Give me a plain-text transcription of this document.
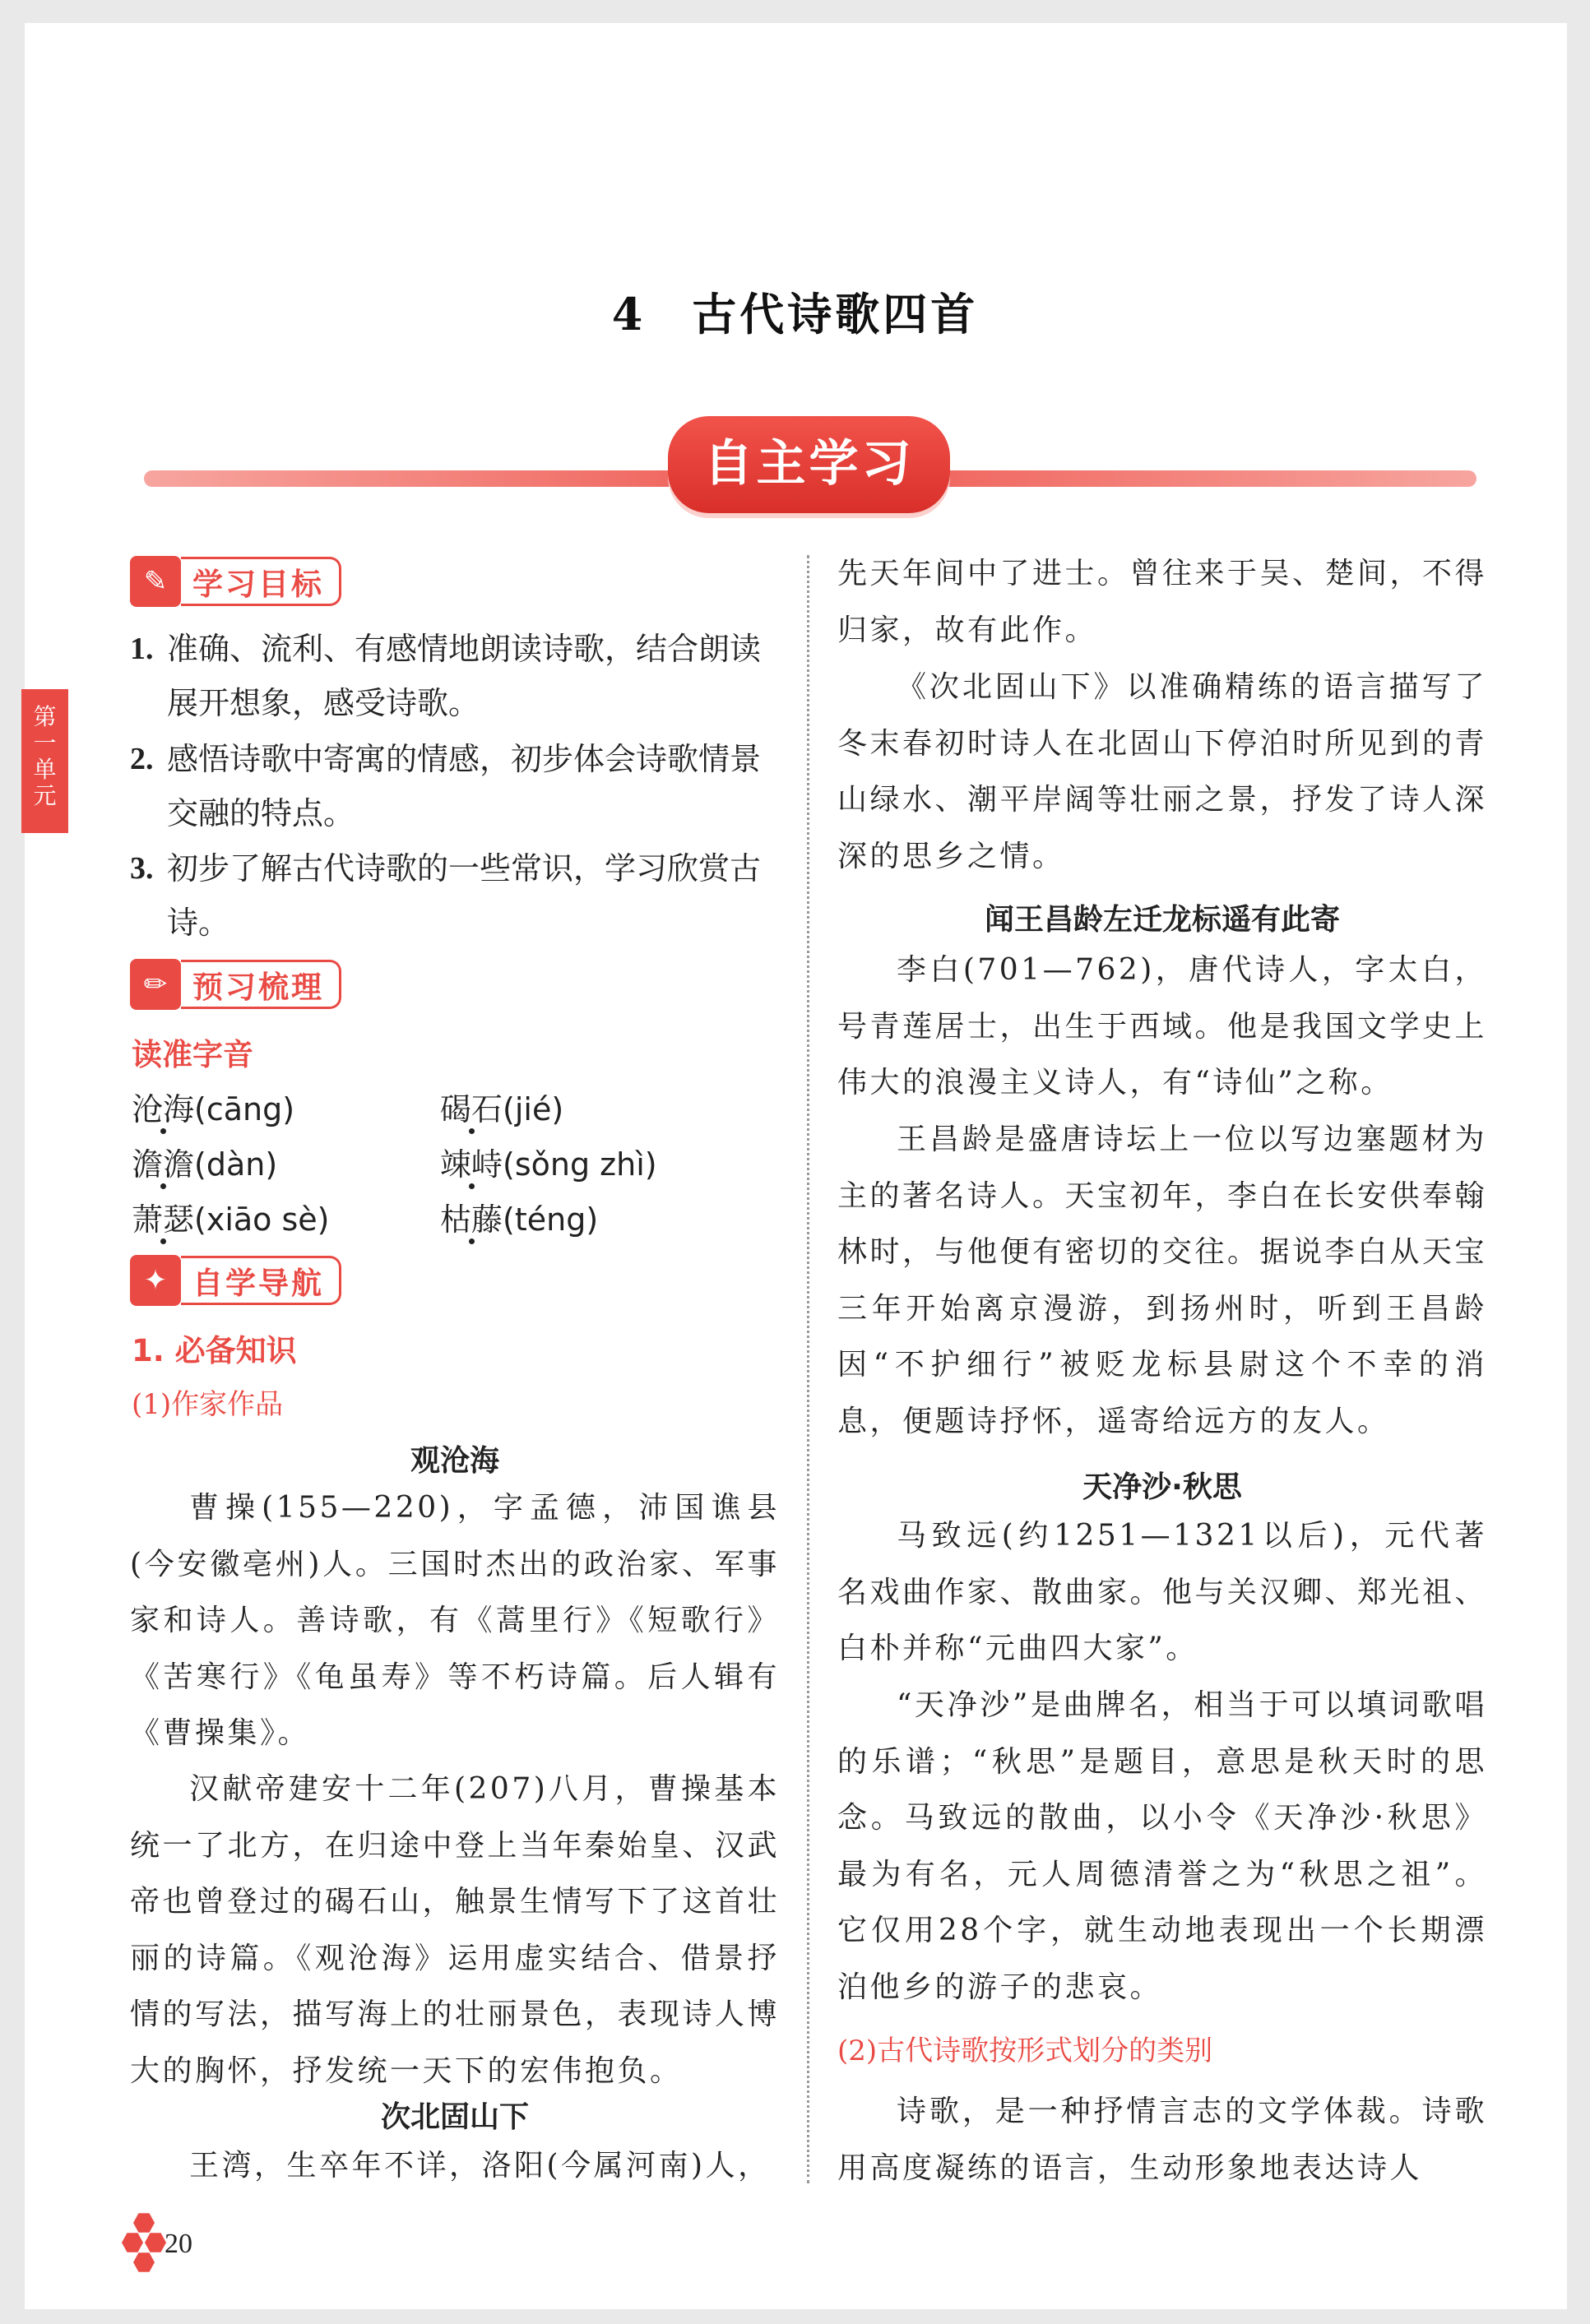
4 古代诗歌四首
自主学习
第
一
单
元
✎ 学习目标
1. 准确、流利、有感情地朗读诗歌，结合朗读展开想象，感受诗歌。
2. 感悟诗歌中寄寓的情感，初步体会诗歌情景交融的特点。
3. 初步了解古代诗歌的一些常识，学习欣赏古诗。
✏ 预习梳理
读准字音
沧海(cāng)	碣石(jié)
澹澹(dàn)	竦峙(sǒng zhì)
萧瑟(xiāo sè)	枯藤(téng)
✦ 自学导航
1. 必备知识
(1)作家作品
观沧海
曹操(155—220)，字孟德，沛国谯县(今安徽亳州)人。三国时杰出的政治家、军事家和诗人。善诗歌，有《蒿里行》《短歌行》《苦寒行》《龟虽寿》等不朽诗篇。后人辑有《曹操集》。
汉献帝建安十二年(207)八月，曹操基本统一了北方，在归途中登上当年秦始皇、汉武帝也曾登过的碣石山，触景生情写下了这首壮丽的诗篇。《观沧海》运用虚实结合、借景抒情的写法，描写海上的壮丽景色，表现诗人博大的胸怀，抒发统一天下的宏伟抱负。
次北固山下
王湾，生卒年不详，洛阳(今属河南)人，
先天年间中了进士。曾往来于吴、楚间，不得归家，故有此作。
《次北固山下》以准确精练的语言描写了冬末春初时诗人在北固山下停泊时所见到的青山绿水、潮平岸阔等壮丽之景，抒发了诗人深深的思乡之情。
闻王昌龄左迁龙标遥有此寄
李白(701—762)，唐代诗人，字太白，号青莲居士，出生于西域。他是我国文学史上伟大的浪漫主义诗人，有“诗仙”之称。
王昌龄是盛唐诗坛上一位以写边塞题材为主的著名诗人。天宝初年，李白在长安供奉翰林时，与他便有密切的交往。据说李白从天宝三年开始离京漫游，到扬州时，听到王昌龄因“不护细行”被贬龙标县尉这个不幸的消息，便题诗抒怀，遥寄给远方的友人。
天净沙·秋思
马致远(约1251—1321以后)，元代著名戏曲作家、散曲家。他与关汉卿、郑光祖、白朴并称“元曲四大家”。
“天净沙”是曲牌名，相当于可以填词歌唱的乐谱；“秋思”是题目，意思是秋天时的思念。马致远的散曲，以小令《天净沙·秋思》最为有名，元人周德清誉之为“秋思之祖”。它仅用28个字，就生动地表现出一个长期漂泊他乡的游子的悲哀。
(2)古代诗歌按形式划分的类别
诗歌，是一种抒情言志的文学体裁。诗歌用高度凝练的语言，生动形象地表达诗人
20
